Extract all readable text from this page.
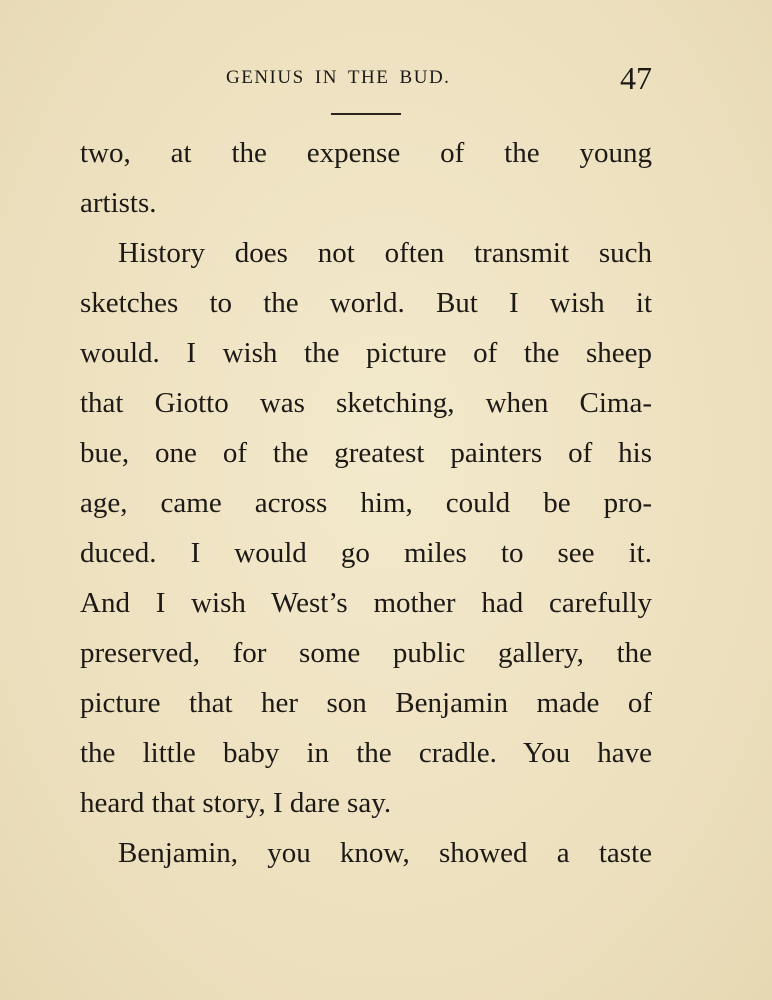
GENIUS IN THE BUD.	47
two, at the expense of the young
artists.
History does not often transmit such
sketches to the world. But I wish it
would. I wish the picture of the sheep
that Giotto was sketching, when Cima-
bue, one of the greatest painters of his
age, came across him, could be pro-
duced. I would go miles to see it.
And I wish West’s mother had carefully
preserved, for some public gallery, the
picture that her son Benjamin made of
the little baby in the cradle. You have
heard that story, I dare say.
Benjamin, you know, showed a taste
